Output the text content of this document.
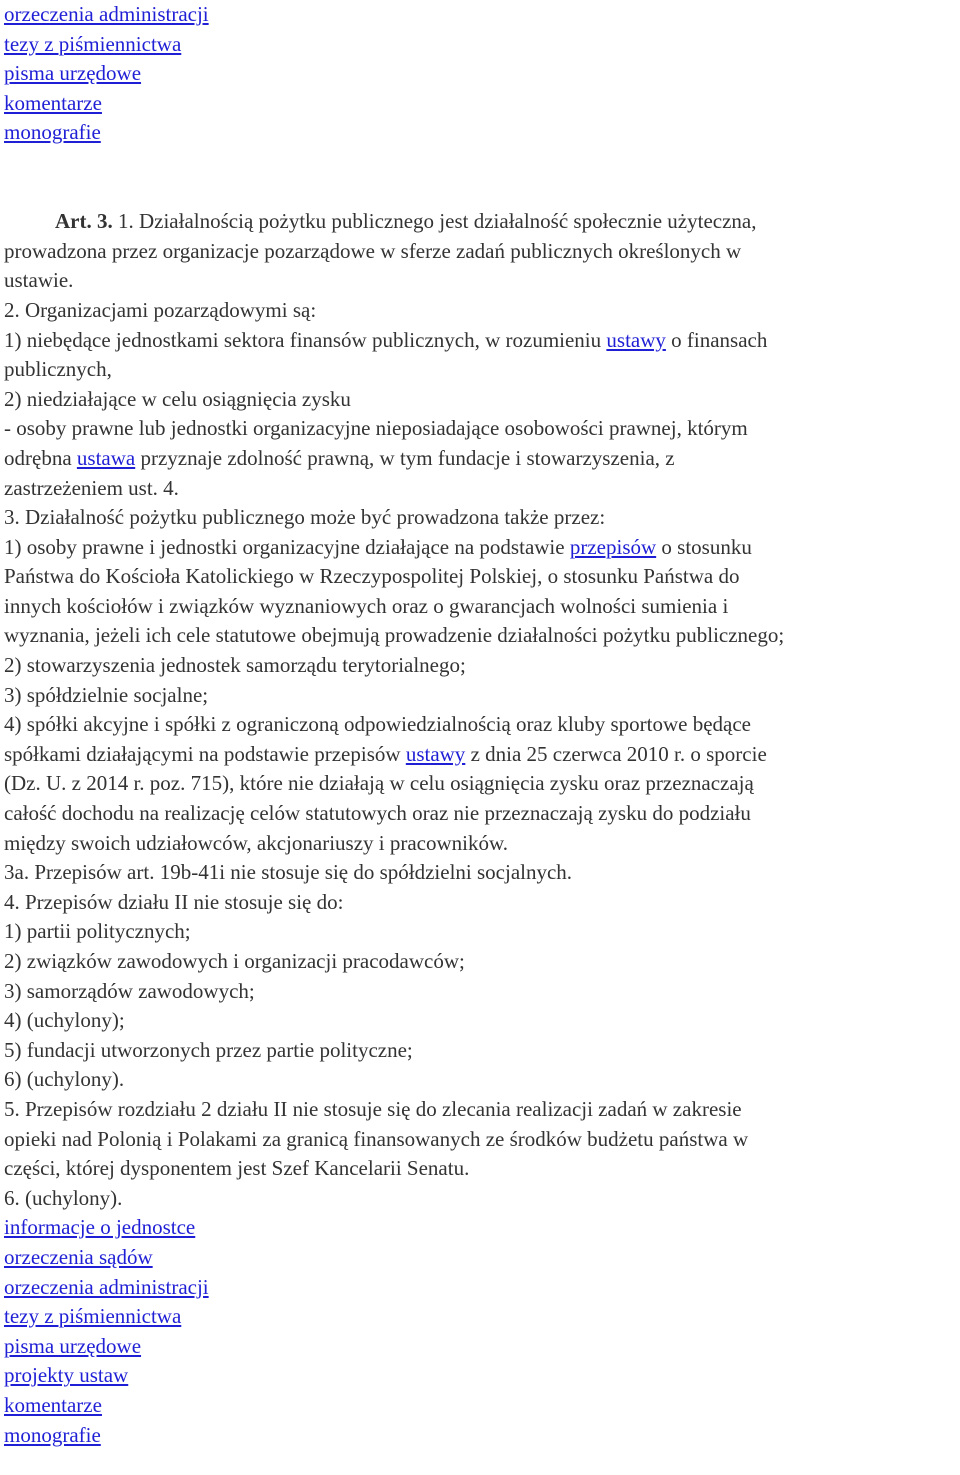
orzeczenia administracji
tezy z piśmiennictwa
pisma urzędowe
komentarze
monografie
Art. 3. 1. Działalnością pożytku publicznego jest działalność społecznie użyteczna,
prowadzona przez organizacje pozarządowe w sferze zadań publicznych określonych w
ustawie.
2. Organizacjami pozarządowymi są:
1) niebędące jednostkami sektora finansów publicznych, w rozumieniu ustawy o finansach
publicznych,
2) niedziałające w celu osiągnięcia zysku
- osoby prawne lub jednostki organizacyjne nieposiadające osobowości prawnej, którym
odrębna ustawa przyznaje zdolność prawną, w tym fundacje i stowarzyszenia, z
zastrzeżeniem ust. 4.
3. Działalność pożytku publicznego może być prowadzona także przez:
1) osoby prawne i jednostki organizacyjne działające na podstawie przepisów o stosunku
Państwa do Kościoła Katolickiego w Rzeczypospolitej Polskiej, o stosunku Państwa do
innych kościołów i związków wyznaniowych oraz o gwarancjach wolności sumienia i
wyznania, jeżeli ich cele statutowe obejmują prowadzenie działalności pożytku publicznego;
2) stowarzyszenia jednostek samorządu terytorialnego;
3) spółdzielnie socjalne;
4) spółki akcyjne i spółki z ograniczoną odpowiedzialnością oraz kluby sportowe będące
spółkami działającymi na podstawie przepisów ustawy z dnia 25 czerwca 2010 r. o sporcie
(Dz. U. z 2014 r. poz. 715), które nie działają w celu osiągnięcia zysku oraz przeznaczają
całość dochodu na realizację celów statutowych oraz nie przeznaczają zysku do podziału
między swoich udziałowców, akcjonariuszy i pracowników.
3a. Przepisów art. 19b-41i nie stosuje się do spółdzielni socjalnych.
4. Przepisów działu II nie stosuje się do:
1) partii politycznych;
2) związków zawodowych i organizacji pracodawców;
3) samorządów zawodowych;
4) (uchylony);
5) fundacji utworzonych przez partie polityczne;
6) (uchylony).
5. Przepisów rozdziału 2 działu II nie stosuje się do zlecania realizacji zadań w zakresie
opieki nad Polonią i Polakami za granicą finansowanych ze środków budżetu państwa w
części, której dysponentem jest Szef Kancelarii Senatu.
6. (uchylony).
informacje o jednostce
orzeczenia sądów
orzeczenia administracji
tezy z piśmiennictwa
pisma urzędowe
projekty ustaw
komentarze
monografie
